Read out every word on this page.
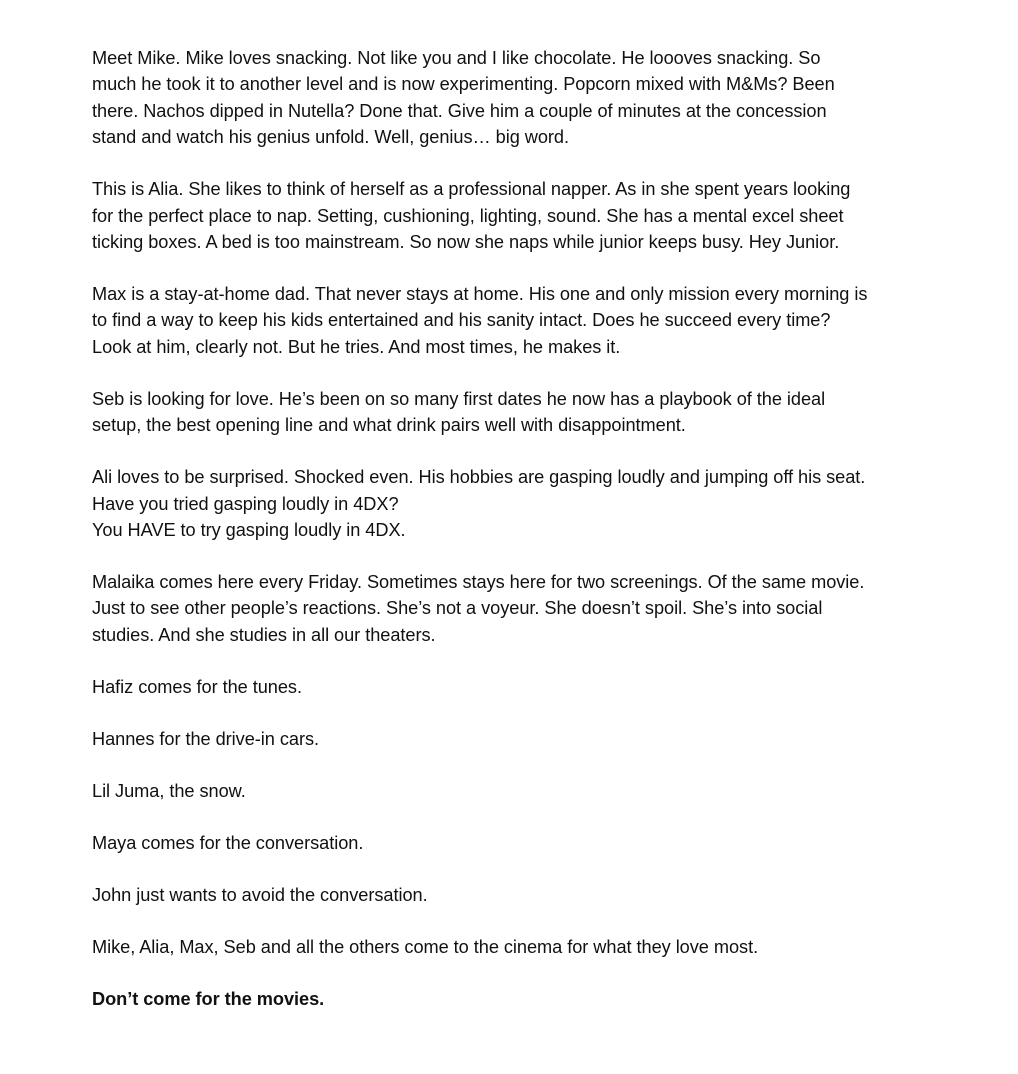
Meet Mike. Mike loves snacking. Not like you and I like chocolate. He loooves snacking. So
much he took it to another level and is now experimenting. Popcorn mixed with M&Ms? Been
there. Nachos dipped in Nutella? Done that. Give him a couple of minutes at the concession
stand and watch his genius unfold. Well, genius… big word.

This is Alia. She likes to think of herself as a professional napper. As in she spent years looking
for the perfect place to nap. Setting, cushioning, lighting, sound. She has a mental excel sheet
ticking boxes. A bed is too mainstream. So now she naps while junior keeps busy. Hey Junior.

Max is a stay-at-home dad. That never stays at home. His one and only mission every morning is
to find a way to keep his kids entertained and his sanity intact. Does he succeed every time?
Look at him, clearly not. But he tries. And most times, he makes it.

Seb is looking for love. He’s been on so many first dates he now has a playbook of the ideal
setup, the best opening line and what drink pairs well with disappointment.

Ali loves to be surprised. Shocked even. His hobbies are gasping loudly and jumping off his seat.
Have you tried gasping loudly in 4DX?
You HAVE to try gasping loudly in 4DX.

Malaika comes here every Friday. Sometimes stays here for two screenings. Of the same movie.
Just to see other people’s reactions. She’s not a voyeur. She doesn’t spoil. She’s into social
studies. And she studies in all our theaters.

Hafiz comes for the tunes.

Hannes for the drive-in cars.

Lil Juma, the snow.

Maya comes for the conversation.

John just wants to avoid the conversation.

Mike, Alia, Max, Seb and all the others come to the cinema for what they love most.

Don’t come for the movies.
